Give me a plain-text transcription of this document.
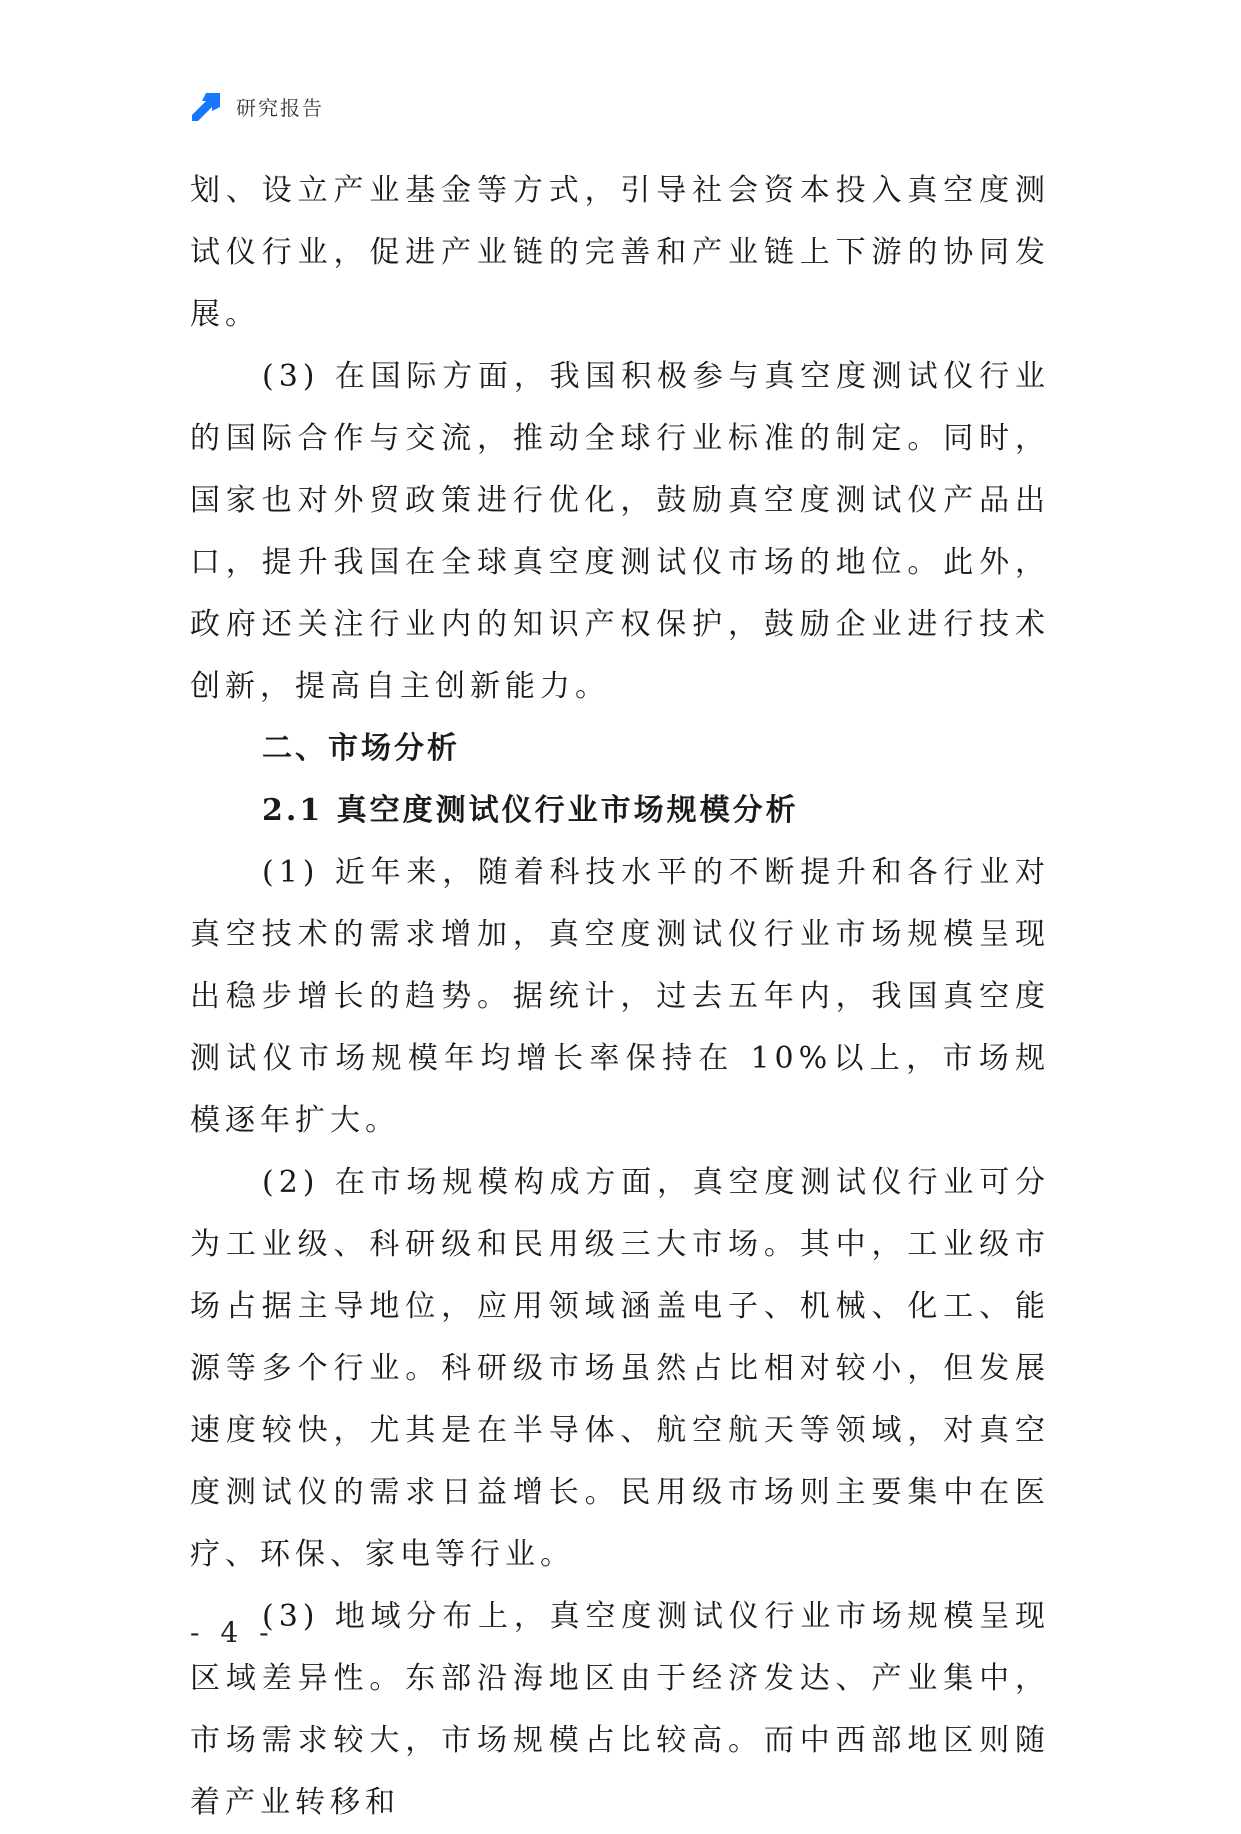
研究报告

划、设立产业基金等方式，引导社会资本投入真空度测试仪行业，促进产业链的完善和产业链上下游的协同发展。

(3) 在国际方面，我国积极参与真空度测试仪行业的国际合作与交流，推动全球行业标准的制定。同时，国家也对外贸政策进行优化，鼓励真空度测试仪产品出口，提升我国在全球真空度测试仪市场的地位。此外，政府还关注行业内的知识产权保护，鼓励企业进行技术创新，提高自主创新能力。

二、市场分析
2.1 真空度测试仪行业市场规模分析

(1) 近年来，随着科技水平的不断提升和各行业对真空技术的需求增加，真空度测试仪行业市场规模呈现出稳步增长的趋势。据统计，过去五年内，我国真空度测试仪市场规模年均增长率保持在 10%以上，市场规模逐年扩大。

(2) 在市场规模构成方面，真空度测试仪行业可分为工业级、科研级和民用级三大市场。其中，工业级市场占据主导地位，应用领域涵盖电子、机械、化工、能源等多个行业。科研级市场虽然占比相对较小，但发展速度较快，尤其是在半导体、航空航天等领域，对真空度测试仪的需求日益增长。民用级市场则主要集中在医疗、环保、家电等行业。

(3) 地域分布上，真空度测试仪行业市场规模呈现区域差异性。东部沿海地区由于经济发达、产业集中，市场需求较大，市场规模占比较高。而中西部地区则随着产业转移和

- 4 -
